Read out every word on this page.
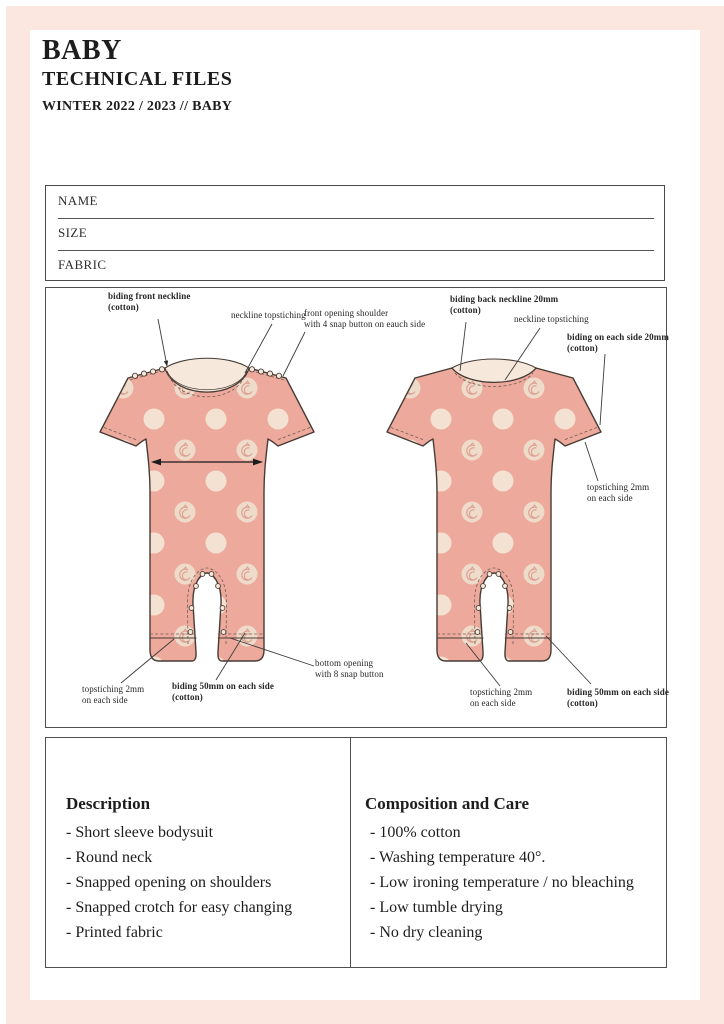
BABY
TECHNICAL FILES
WINTER 2022 / 2023 // BABY
NAME
SIZE
FABRIC
biding front neckline
(cotton)
neckline topstiching
front opening shoulder
with 4 snap button on eauch side
biding back neckline 20mm
(cotton)
neckline topstiching
biding on each side 20mm
(cotton)
topstiching 2mm
on each side
topstiching 2mm
on each side
biding 50mm on each side
(cotton)
bottom opening
with 8 snap button
topstiching 2mm
on each side
biding 50mm on each side
(cotton)
Description
- Short sleeve bodysuit
- Round neck
- Snapped opening on shoulders
- Snapped crotch for easy changing
- Printed fabric
Composition and Care
- 100% cotton
- Washing temperature 40°.
- Low ironing temperature / no bleaching
- Low tumble drying
- No dry cleaning
